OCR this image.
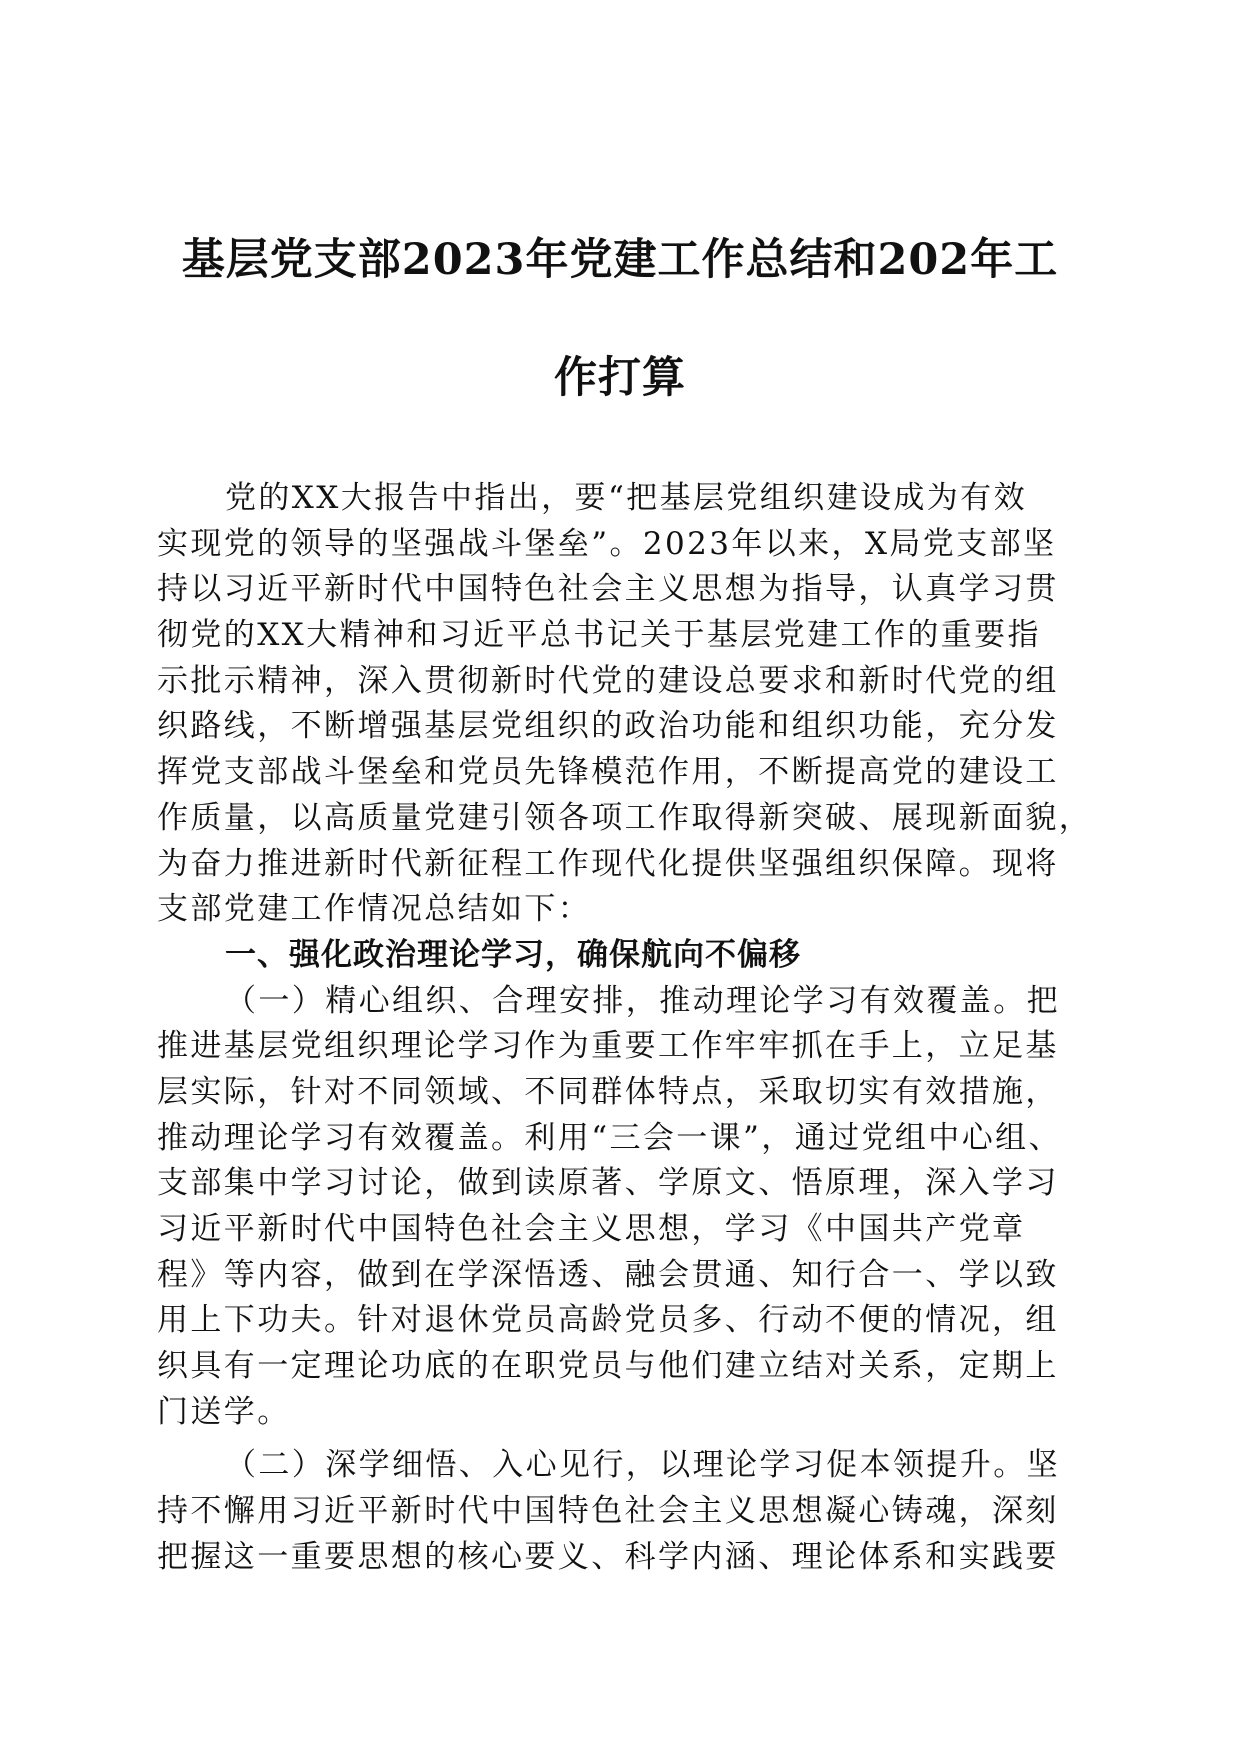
基层党支部2023年党建工作总结和202年工
作打算
党的XX大报告中指出，要“把基层党组织建设成为有效
实现党的领导的坚强战斗堡垒”。2023年以来，X局党支部坚
持以习近平新时代中国特色社会主义思想为指导，认真学习贯
彻党的XX大精神和习近平总书记关于基层党建工作的重要指
示批示精神，深入贯彻新时代党的建设总要求和新时代党的组
织路线，不断增强基层党组织的政治功能和组织功能，充分发
挥党支部战斗堡垒和党员先锋模范作用，不断提高党的建设工
作质量，以高质量党建引领各项工作取得新突破、展现新面貌，
为奋力推进新时代新征程工作现代化提供坚强组织保障。现将
支部党建工作情况总结如下：
一、强化政治理论学习，确保航向不偏移
（一）精心组织、合理安排，推动理论学习有效覆盖。把
推进基层党组织理论学习作为重要工作牢牢抓在手上，立足基
层实际，针对不同领域、不同群体特点，采取切实有效措施，
推动理论学习有效覆盖。利用“三会一课”，通过党组中心组、
支部集中学习讨论，做到读原著、学原文、悟原理，深入学习
习近平新时代中国特色社会主义思想，学习《中国共产党章
程》等内容，做到在学深悟透、融会贯通、知行合一、学以致
用上下功夫。针对退休党员高龄党员多、行动不便的情况，组
织具有一定理论功底的在职党员与他们建立结对关系，定期上
门送学。
（二）深学细悟、入心见行，以理论学习促本领提升。坚
持不懈用习近平新时代中国特色社会主义思想凝心铸魂，深刻
把握这一重要思想的核心要义、科学内涵、理论体系和实践要
